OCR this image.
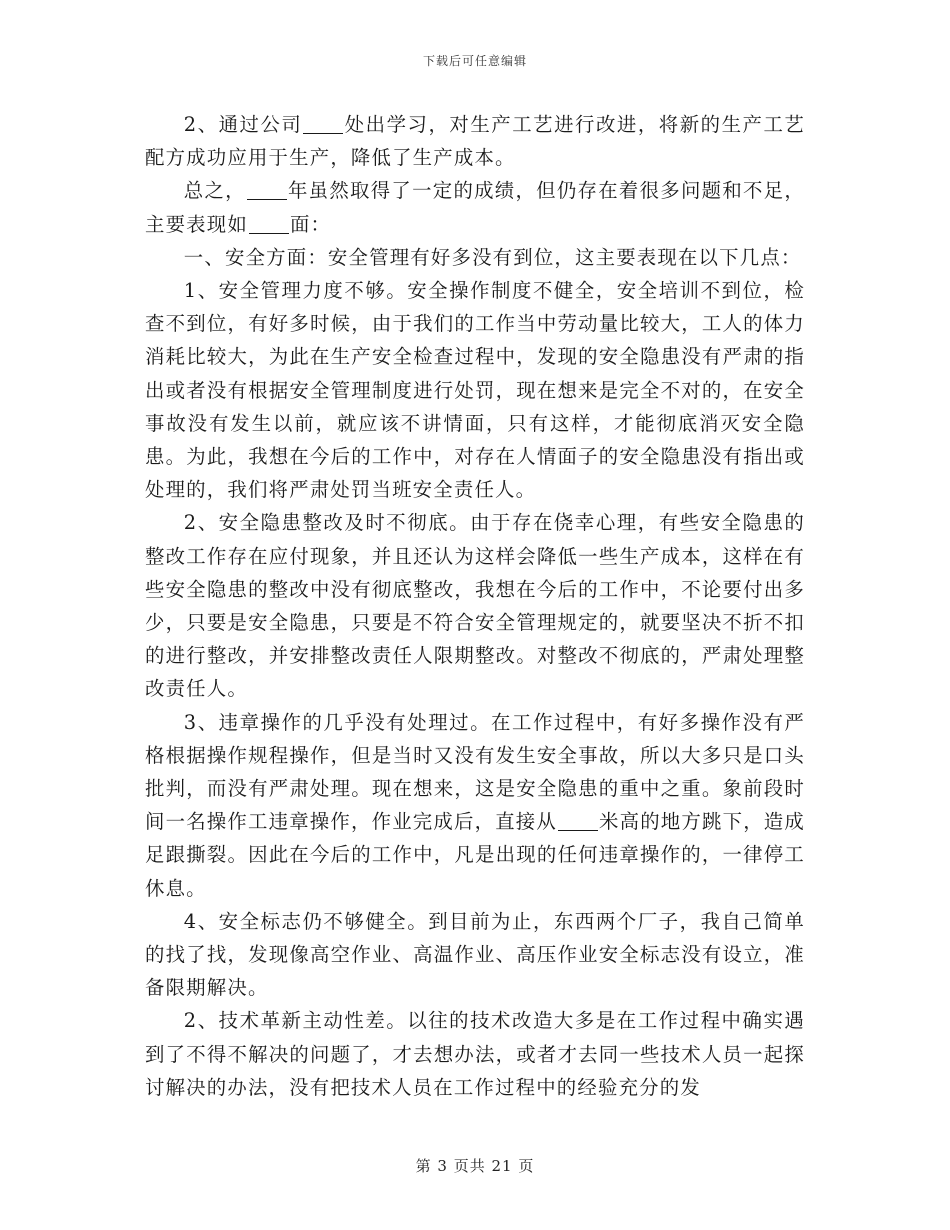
下载后可任意编辑

2、通过公司 处出学习，对生产工艺进行改进，将新的生产工艺配方成功应用于生产，降低了生产成本。

总之， 年虽然取得了一定的成绩，但仍存在着很多问题和不足，主要表现如 面：

一、安全方面：安全管理有好多没有到位，这主要表现在以下几点：

1、安全管理力度不够。安全操作制度不健全，安全培训不到位，检查不到位，有好多时候，由于我们的工作当中劳动量比较大，工人的体力消耗比较大，为此在生产安全检查过程中，发现的安全隐患没有严肃的指出或者没有根据安全管理制度进行处罚，现在想来是完全不对的，在安全事故没有发生以前，就应该不讲情面，只有这样，才能彻底消灭安全隐患。为此，我想在今后的工作中，对存在人情面子的安全隐患没有指出或处理的，我们将严肃处罚当班安全责任人。

2、安全隐患整改及时不彻底。由于存在侥幸心理，有些安全隐患的整改工作存在应付现象，并且还认为这样会降低一些生产成本，这样在有些安全隐患的整改中没有彻底整改，我想在今后的工作中，不论要付出多少，只要是安全隐患，只要是不符合安全管理规定的，就要坚决不折不扣的进行整改，并安排整改责任人限期整改。对整改不彻底的，严肃处理整改责任人。

3、违章操作的几乎没有处理过。在工作过程中，有好多操作没有严格根据操作规程操作，但是当时又没有发生安全事故，所以大多只是口头批判，而没有严肃处理。现在想来，这是安全隐患的重中之重。象前段时间一名操作工违章操作，作业完成后，直接从 米高的地方跳下，造成足跟撕裂。因此在今后的工作中，凡是出现的任何违章操作的，一律停工休息。

4、安全标志仍不够健全。到目前为止，东西两个厂子，我自己简单的找了找，发现像高空作业、高温作业、高压作业安全标志没有设立，准备限期解决。

2、技术革新主动性差。以往的技术改造大多是在工作过程中确实遇到了不得不解决的问题了，才去想办法，或者才去同一些技术人员一起探讨解决的办法，没有把技术人员在工作过程中的经验充分的发

第 3 页共 21 页
